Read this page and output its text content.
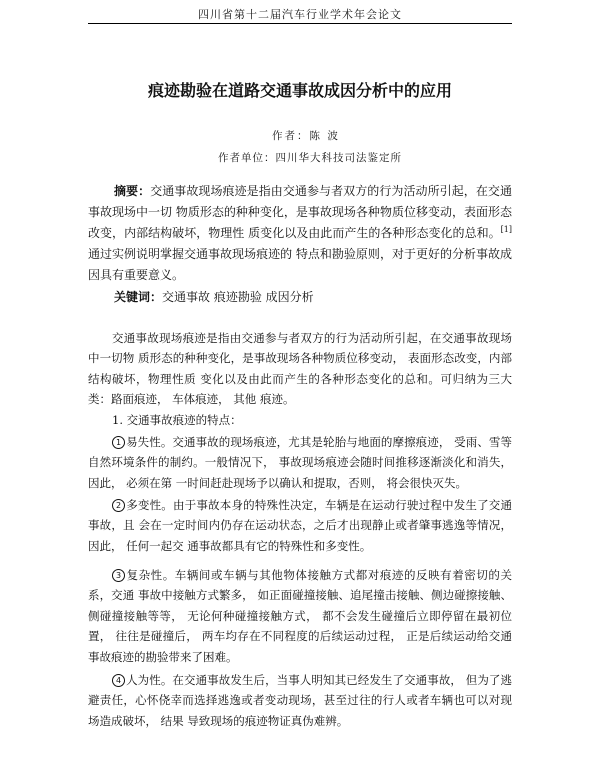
四川省第十二届汽车行业学术年会论文
痕迹勘验在道路交通事故成因分析中的应用
作者：陈 波
作者单位：四川华大科技司法鉴定所

摘要：交通事故现场痕迹是指由交通参与者双方的行为活动所引起，在交通事故现场中一切 物质形态的种种变化，是事故现场各种物质位移变动，表面形态改变，内部结构破坏，物理性 质变化以及由此而产生的各种形态变化的总和。[1]通过实例说明掌握交通事故现场痕迹的 特点和勘验原则，对于更好的分析事故成因具有重要意义。

关键词：交通事故 痕迹勘验 成因分析

交通事故现场痕迹是指由交通参与者双方的行为活动所引起，在交通事故现场中一切物 质形态的种种变化，是事故现场各种物质位移变动， 表面形态改变，内部结构破坏，物理性质 变化以及由此而产生的各种形态变化的总和。可归纳为三大类：路面痕迹， 车体痕迹， 其他 痕迹。

1. 交通事故痕迹的特点：

1 易失性。交通事故的现场痕迹，尤其是轮胎与地面的摩擦痕迹， 受雨、雪等自然环境条件的制约。一般情况下， 事故现场痕迹会随时间推移逐渐淡化和消失， 因此， 必须在第 一时间赶赴现场予以确认和提取，否则， 将会很快灭失。

2 多变性。由于事故本身的特殊性决定，车辆是在运动行驶过程中发生了交通事故，且 会在一定时间内仍存在运动状态，之后才出现静止或者肇事逃逸等情况， 因此， 任何一起交 通事故都具有它的特殊性和多变性。

3 复杂性。车辆间或车辆与其他物体接触方式都对痕迹的反映有着密切的关系，交通 事故中接触方式繁多， 如正面碰撞接触、追尾撞击接触、侧边碰擦接触、侧碰撞接触等等， 无论何种碰撞接触方式， 都不会发生碰撞后立即停留在最初位置， 往往是碰撞后， 两车均存在不同程度的后续运动过程， 正是后续运动给交通事故痕迹的勘验带来了困难。

4 人为性。在交通事故发生后，当事人明知其已经发生了交通事故， 但为了逃避责任，心怀侥幸而选择逃逸或者变动现场，甚至过往的行人或者车辆也可以对现场造成破坏， 结果 导致现场的痕迹物证真伪难辨。
